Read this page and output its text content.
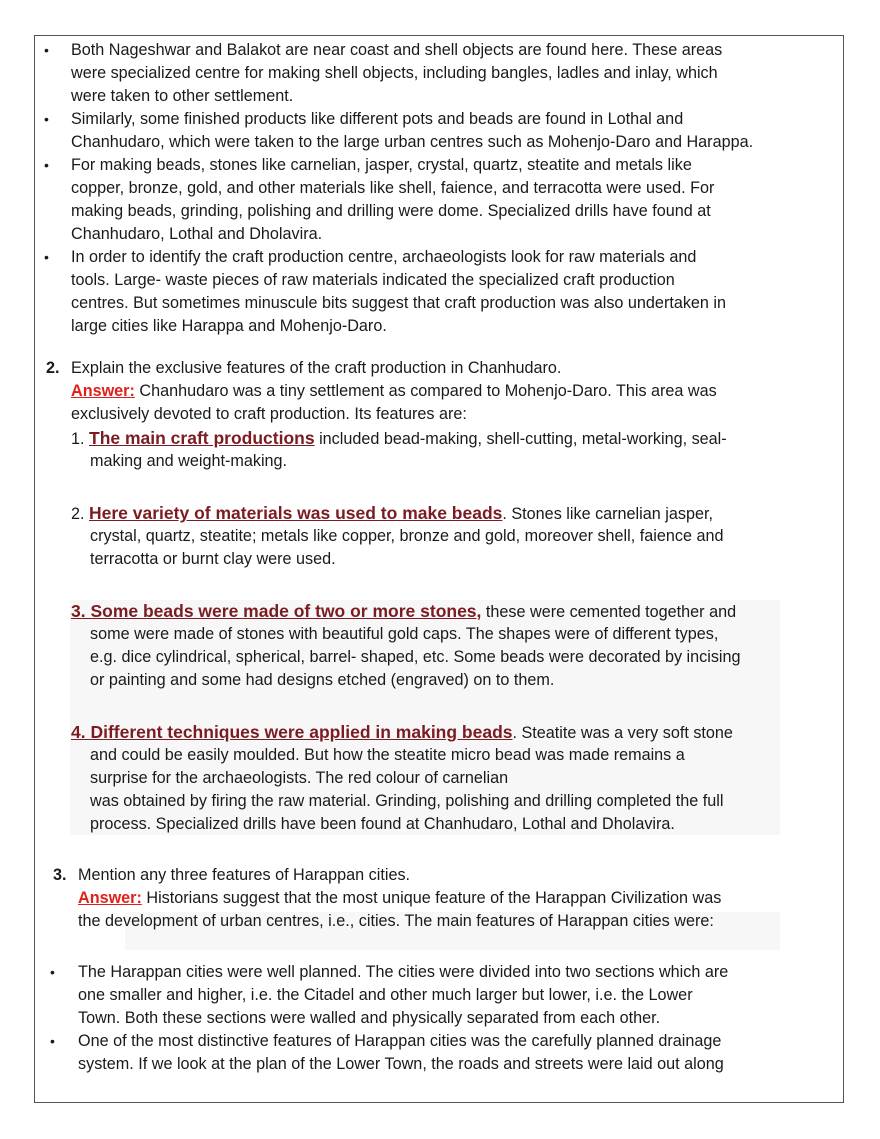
• Both Nageshwar and Balakot are near coast and shell objects are found here. These areas
were specialized centre for making shell objects, including bangles, ladles and inlay, which
were taken to other settlement.
• Similarly, some finished products like different pots and beads are found in Lothal and
Chanhudaro, which were taken to the large urban centres such as Mohenjo-Daro and Harappa.
• For making beads, stones like carnelian, jasper, crystal, quartz, steatite and metals like
copper, bronze, gold, and other materials like shell, faience, and terracotta were used. For
making beads, grinding, polishing and drilling were dome. Specialized drills have found at
Chanhudaro, Lothal and Dholavira.
• In order to identify the craft production centre, archaeologists look for raw materials and
tools. Large- waste pieces of raw materials indicated the specialized craft production
centres. But sometimes minuscule bits suggest that craft production was also undertaken in
large cities like Harappa and Mohenjo-Daro.
2. Explain the exclusive features of the craft production in Chanhudaro.
Answer: Chanhudaro was a tiny settlement as compared to Mohenjo-Daro. This area was
exclusively devoted to craft production. Its features are:
1. The main craft productions included bead-making, shell-cutting, metal-working, seal-
making and weight-making.
2. Here variety of materials was used to make beads. Stones like carnelian jasper,
crystal, quartz, steatite; metals like copper, bronze and gold, moreover shell, faience and
terracotta or burnt clay were used.
3. Some beads were made of two or more stones, these were cemented together and
some were made of stones with beautiful gold caps. The shapes were of different types,
e.g. dice cylindrical, spherical, barrel- shaped, etc. Some beads were decorated by incising
or painting and some had designs etched (engraved) on to them.
4. Different techniques were applied in making beads. Steatite was a very soft stone
and could be easily moulded. But how the steatite micro bead was made remains a
surprise for the archaeologists. The red colour of carnelian
was obtained by firing the raw material. Grinding, polishing and drilling completed the full
process. Specialized drills have been found at Chanhudaro, Lothal and Dholavira.
3. Mention any three features of Harappan cities.
Answer: Historians suggest that the most unique feature of the Harappan Civilization was
the development of urban centres, i.e., cities. The main features of Harappan cities were:
• The Harappan cities were well planned. The cities were divided into two sections which are
one smaller and higher, i.e. the Citadel and other much larger but lower, i.e. the Lower
Town. Both these sections were walled and physically separated from each other.
• One of the most distinctive features of Harappan cities was the carefully planned drainage
system. If we look at the plan of the Lower Town, the roads and streets were laid out along
